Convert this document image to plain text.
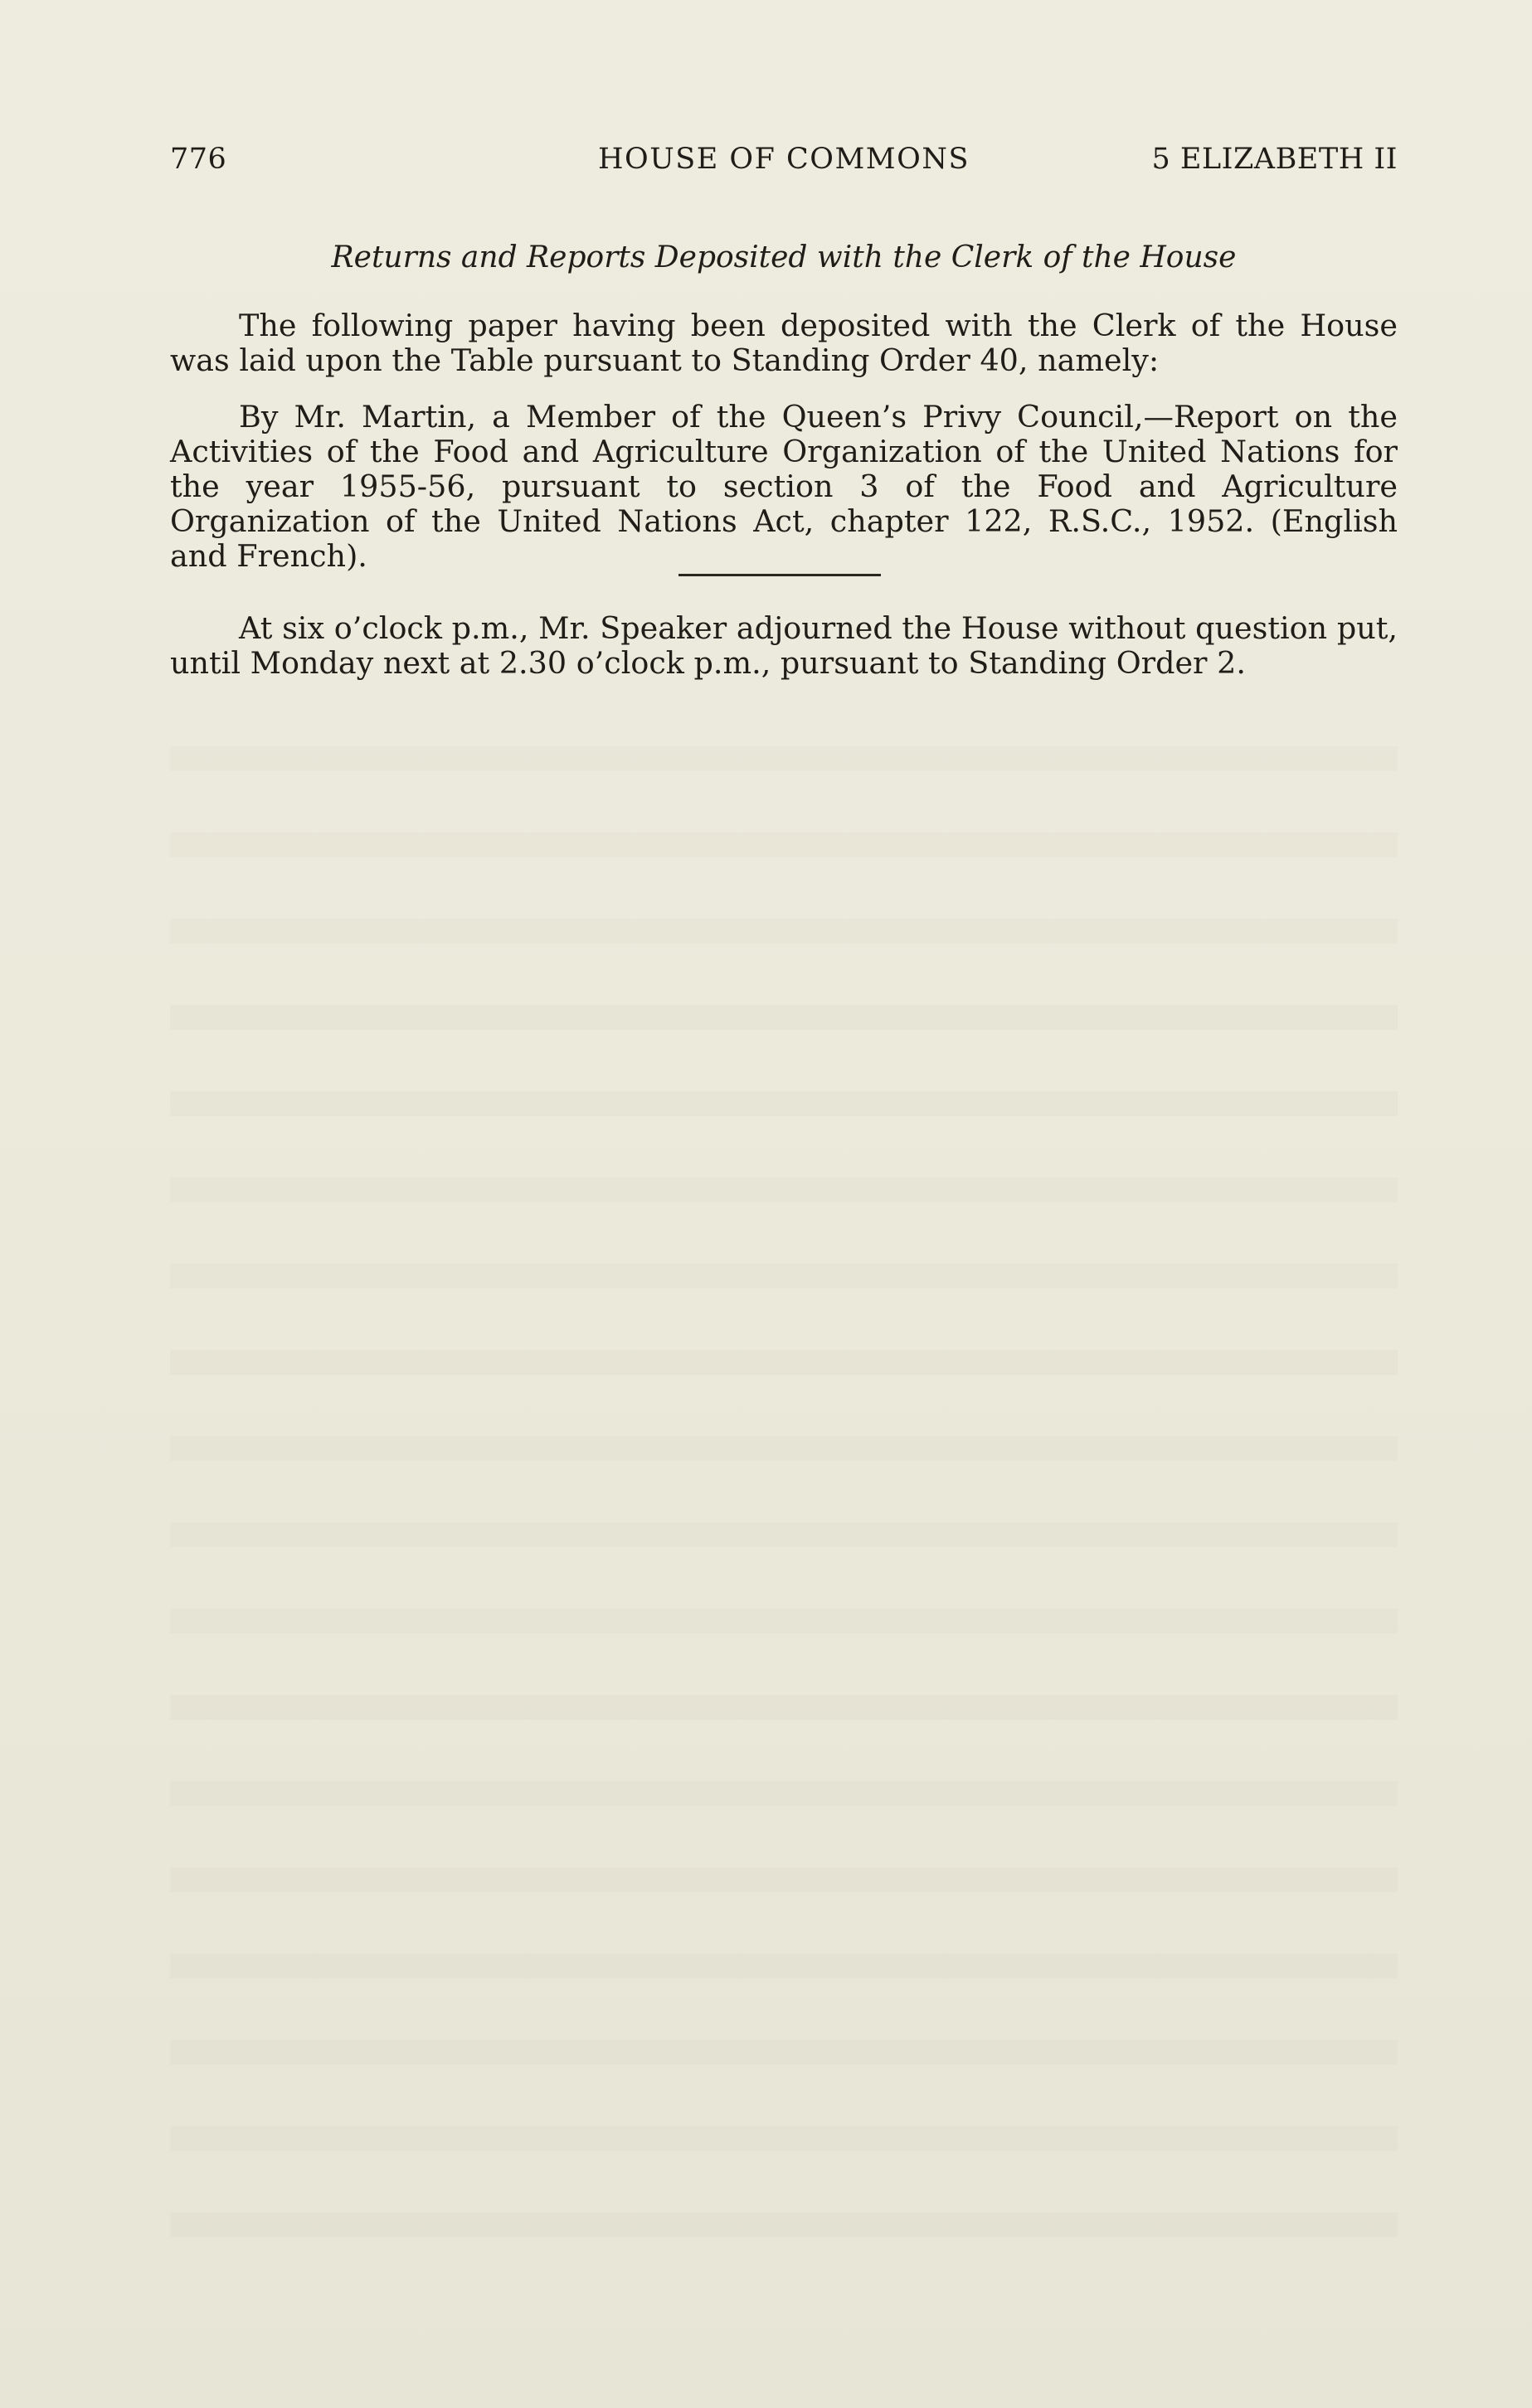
776	HOUSE OF COMMONS	5 ELIZABETH II
Returns and Reports Deposited with the Clerk of the House

The following paper having been deposited with the Clerk of the House was laid upon the Table pursuant to Standing Order 40, namely:

By Mr. Martin, a Member of the Queen’s Privy Council,—Report on the Activities of the Food and Agriculture Organization of the United Nations for the year 1955-56, pursuant to section 3 of the Food and Agriculture Organization of the United Nations Act, chapter 122, R.S.C., 1952. (English and French).

At six o’clock p.m., Mr. Speaker adjourned the House without question put, until Monday next at 2.30 o’clock p.m., pursuant to Standing Order 2.
